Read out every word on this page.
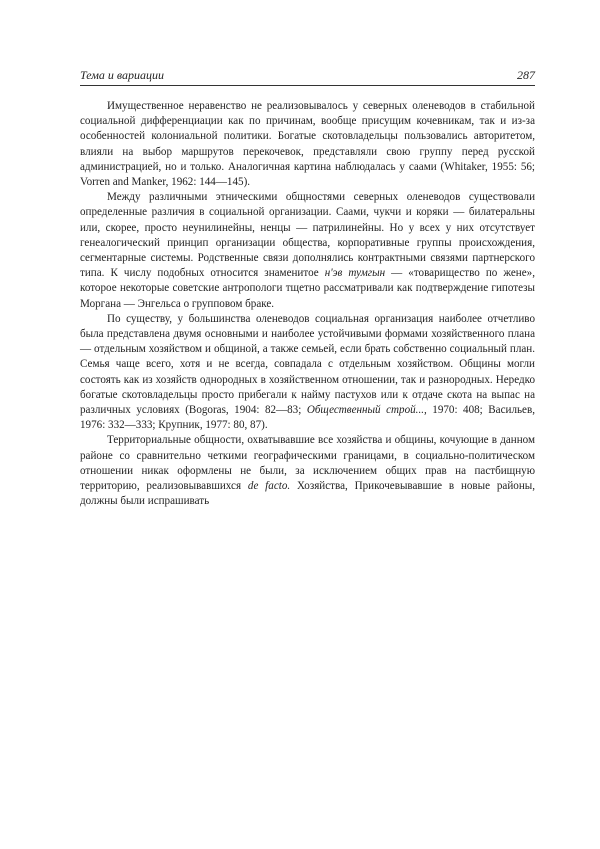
Тема и вариации	287

Имущественное неравенство не реализовывалось у северных оленеводов в стабильной социальной дифференциации как по причинам, вообще присущим кочевникам, так и из-за особенностей колониальной политики. Богатые скотовладельцы пользовались авторитетом, влияли на выбор маршрутов перекочевок, представляли свою группу перед русской администрацией, но и только. Аналогичная картина наблюдалась у саами (Whitaker, 1955: 56; Vorren and Manker, 1962: 144—145).

Между различными этническими общностями северных оленеводов существовали определенные различия в социальной организации. Саами, чукчи и коряки — билатеральны или, скорее, просто неунилинейны, ненцы — патрилинейны. Но у всех у них отсутствует генеалогический принцип организации общества, корпоративные группы происхождения, сегментарные системы. Родственные связи дополнялись контрактными связями партнерского типа. К числу подобных относится знаменитое н'эв тумгын — «товарищество по жене», которое некоторые советские антропологи тщетно рассматривали как подтверждение гипотезы Моргана — Энгельса о групповом браке.

По существу, у большинства оленеводов социальная организация наиболее отчетливо была представлена двумя основными и наиболее устойчивыми формами хозяйственного плана — отдельным хозяйством и общиной, а также семьей, если брать собственно социальный план. Семья чаще всего, хотя и не всегда, совпадала с отдельным хозяйством. Общины могли состоять как из хозяйств однородных в хозяйственном отношении, так и разнородных. Нередко богатые скотовладельцы просто прибегали к найму пастухов или к отдаче скота на выпас на различных условиях (Bogoras, 1904: 82—83; Общественный строй..., 1970: 408; Васильев, 1976: 332—333; Крупник, 1977: 80, 87).

Территориальные общности, охватывавшие все хозяйства и общины, кочующие в данном районе со сравнительно четкими географическими границами, в социально-политическом отношении никак оформлены не были, за исключением общих прав на пастбищную территорию, реализовывавшихся de facto. Хозяйства, Прикочевывавшие в новые районы, должны были испрашивать
